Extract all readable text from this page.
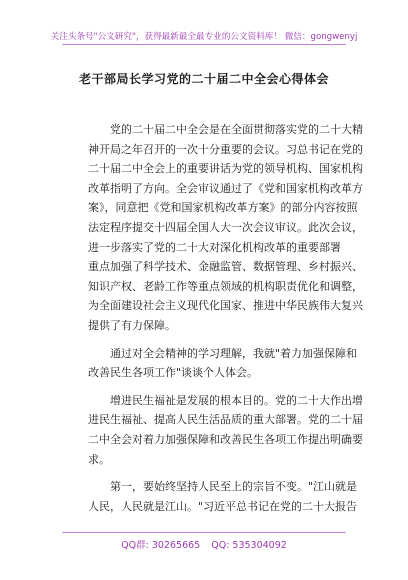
关注头条号"公文研究"，获得最新最全最专业的公文资料库！ 微信：gongwenyj
老干部局长学习党的二十届二中全会心得体会
党的二十届二中全会是在全面贯彻落实党的二十大精
神开局之年召开的一次十分重要的会议。习总书记在党的
二十届二中全会上的重要讲话为党的领导机构、国家机构
改革指明了方向。全会审议通过了《党和国家机构改革方
案》，同意把《党和国家机构改革方案》的部分内容按照
法定程序提交十四届全国人大一次会议审议。此次会议，
进一步落实了党的二十大对深化机构改革的重要部署
重点加强了科学技术、金融监管、数据管理、乡村振兴、
知识产权、老龄工作等重点领域的机构职责优化和调整，
为全面建设社会主义现代化国家、推进中华民族伟大复兴
提供了有力保障。
通过对全会精神的学习理解，我就"着力加强保障和
改善民生各项工作"谈谈个人体会。
增进民生福祉是发展的根本目的。党的二十大作出增
进民生福祉、提高人民生活品质的重大部署。党的二十届
二中全会对着力加强保障和改善民生各项工作提出明确要
求。
第一，要始终坚持人民至上的宗旨不变。"江山就是
人民，人民就是江山。"习近平总书记在党的二十大报告
QQ群: 30265665 QQ: 535304092
